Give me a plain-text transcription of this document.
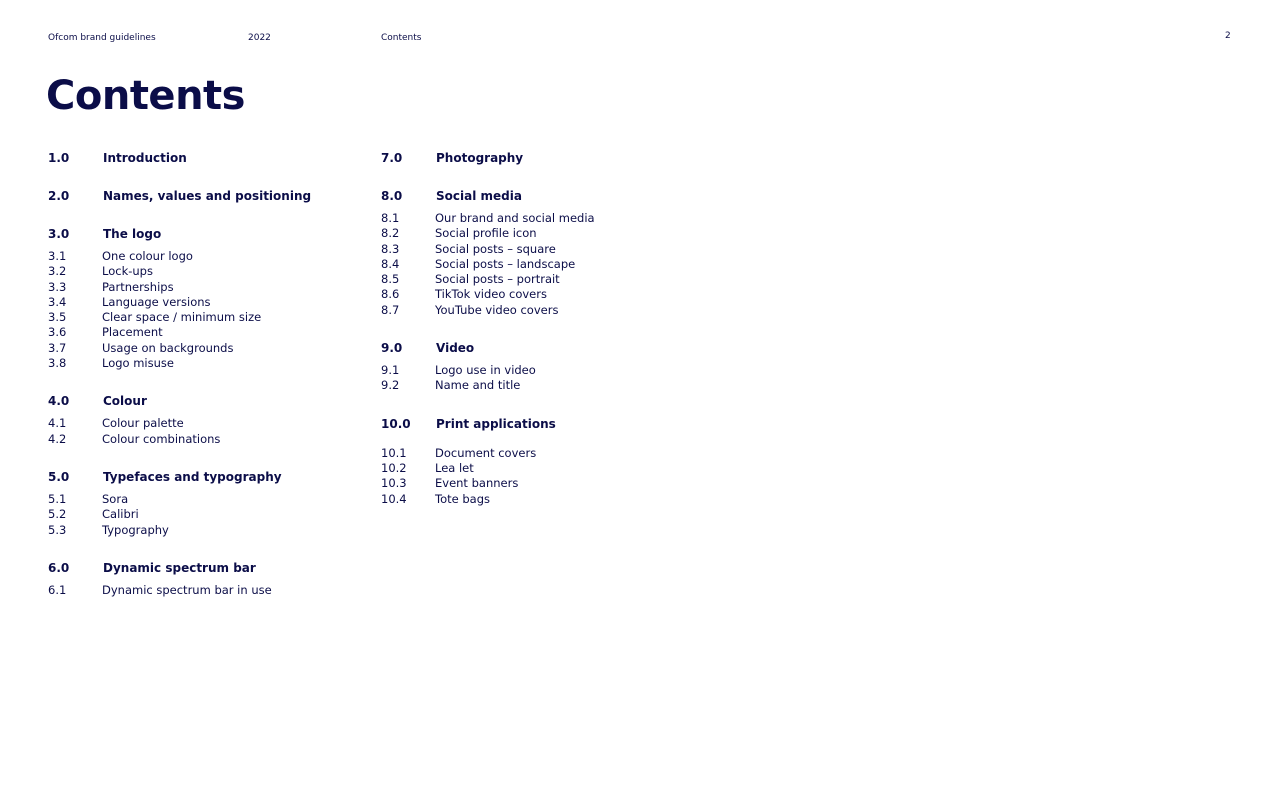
Ofcom brand guidelines	2022	Contents	2
Contents
1.0	Introduction
2.0	Names, values and positioning
3.0	The logo
3.1	One colour logo
3.2	Lock-ups
3.3	Partnerships
3.4	Language versions
3.5	Clear space / minimum size
3.6	Placement
3.7	Usage on backgrounds
3.8	Logo misuse
4.0	Colour
4.1	Colour palette
4.2	Colour combinations
5.0	Typefaces and typography
5.1	Sora
5.2	Calibri
5.3	Typography
6.0	Dynamic spectrum bar
6.1	Dynamic spectrum bar in use
7.0	Photography
8.0	Social media
8.1	Our brand and social media
8.2	Social profile icon
8.3	Social posts – square
8.4	Social posts – landscape
8.5	Social posts – portrait
8.6	TikTok video covers
8.7	YouTube video covers
9.0	Video
9.1	Logo use in video
9.2	Name and title
10.0	Print applications
10.1	Document covers
10.2	Lea let
10.3	Event banners
10.4	Tote bags
